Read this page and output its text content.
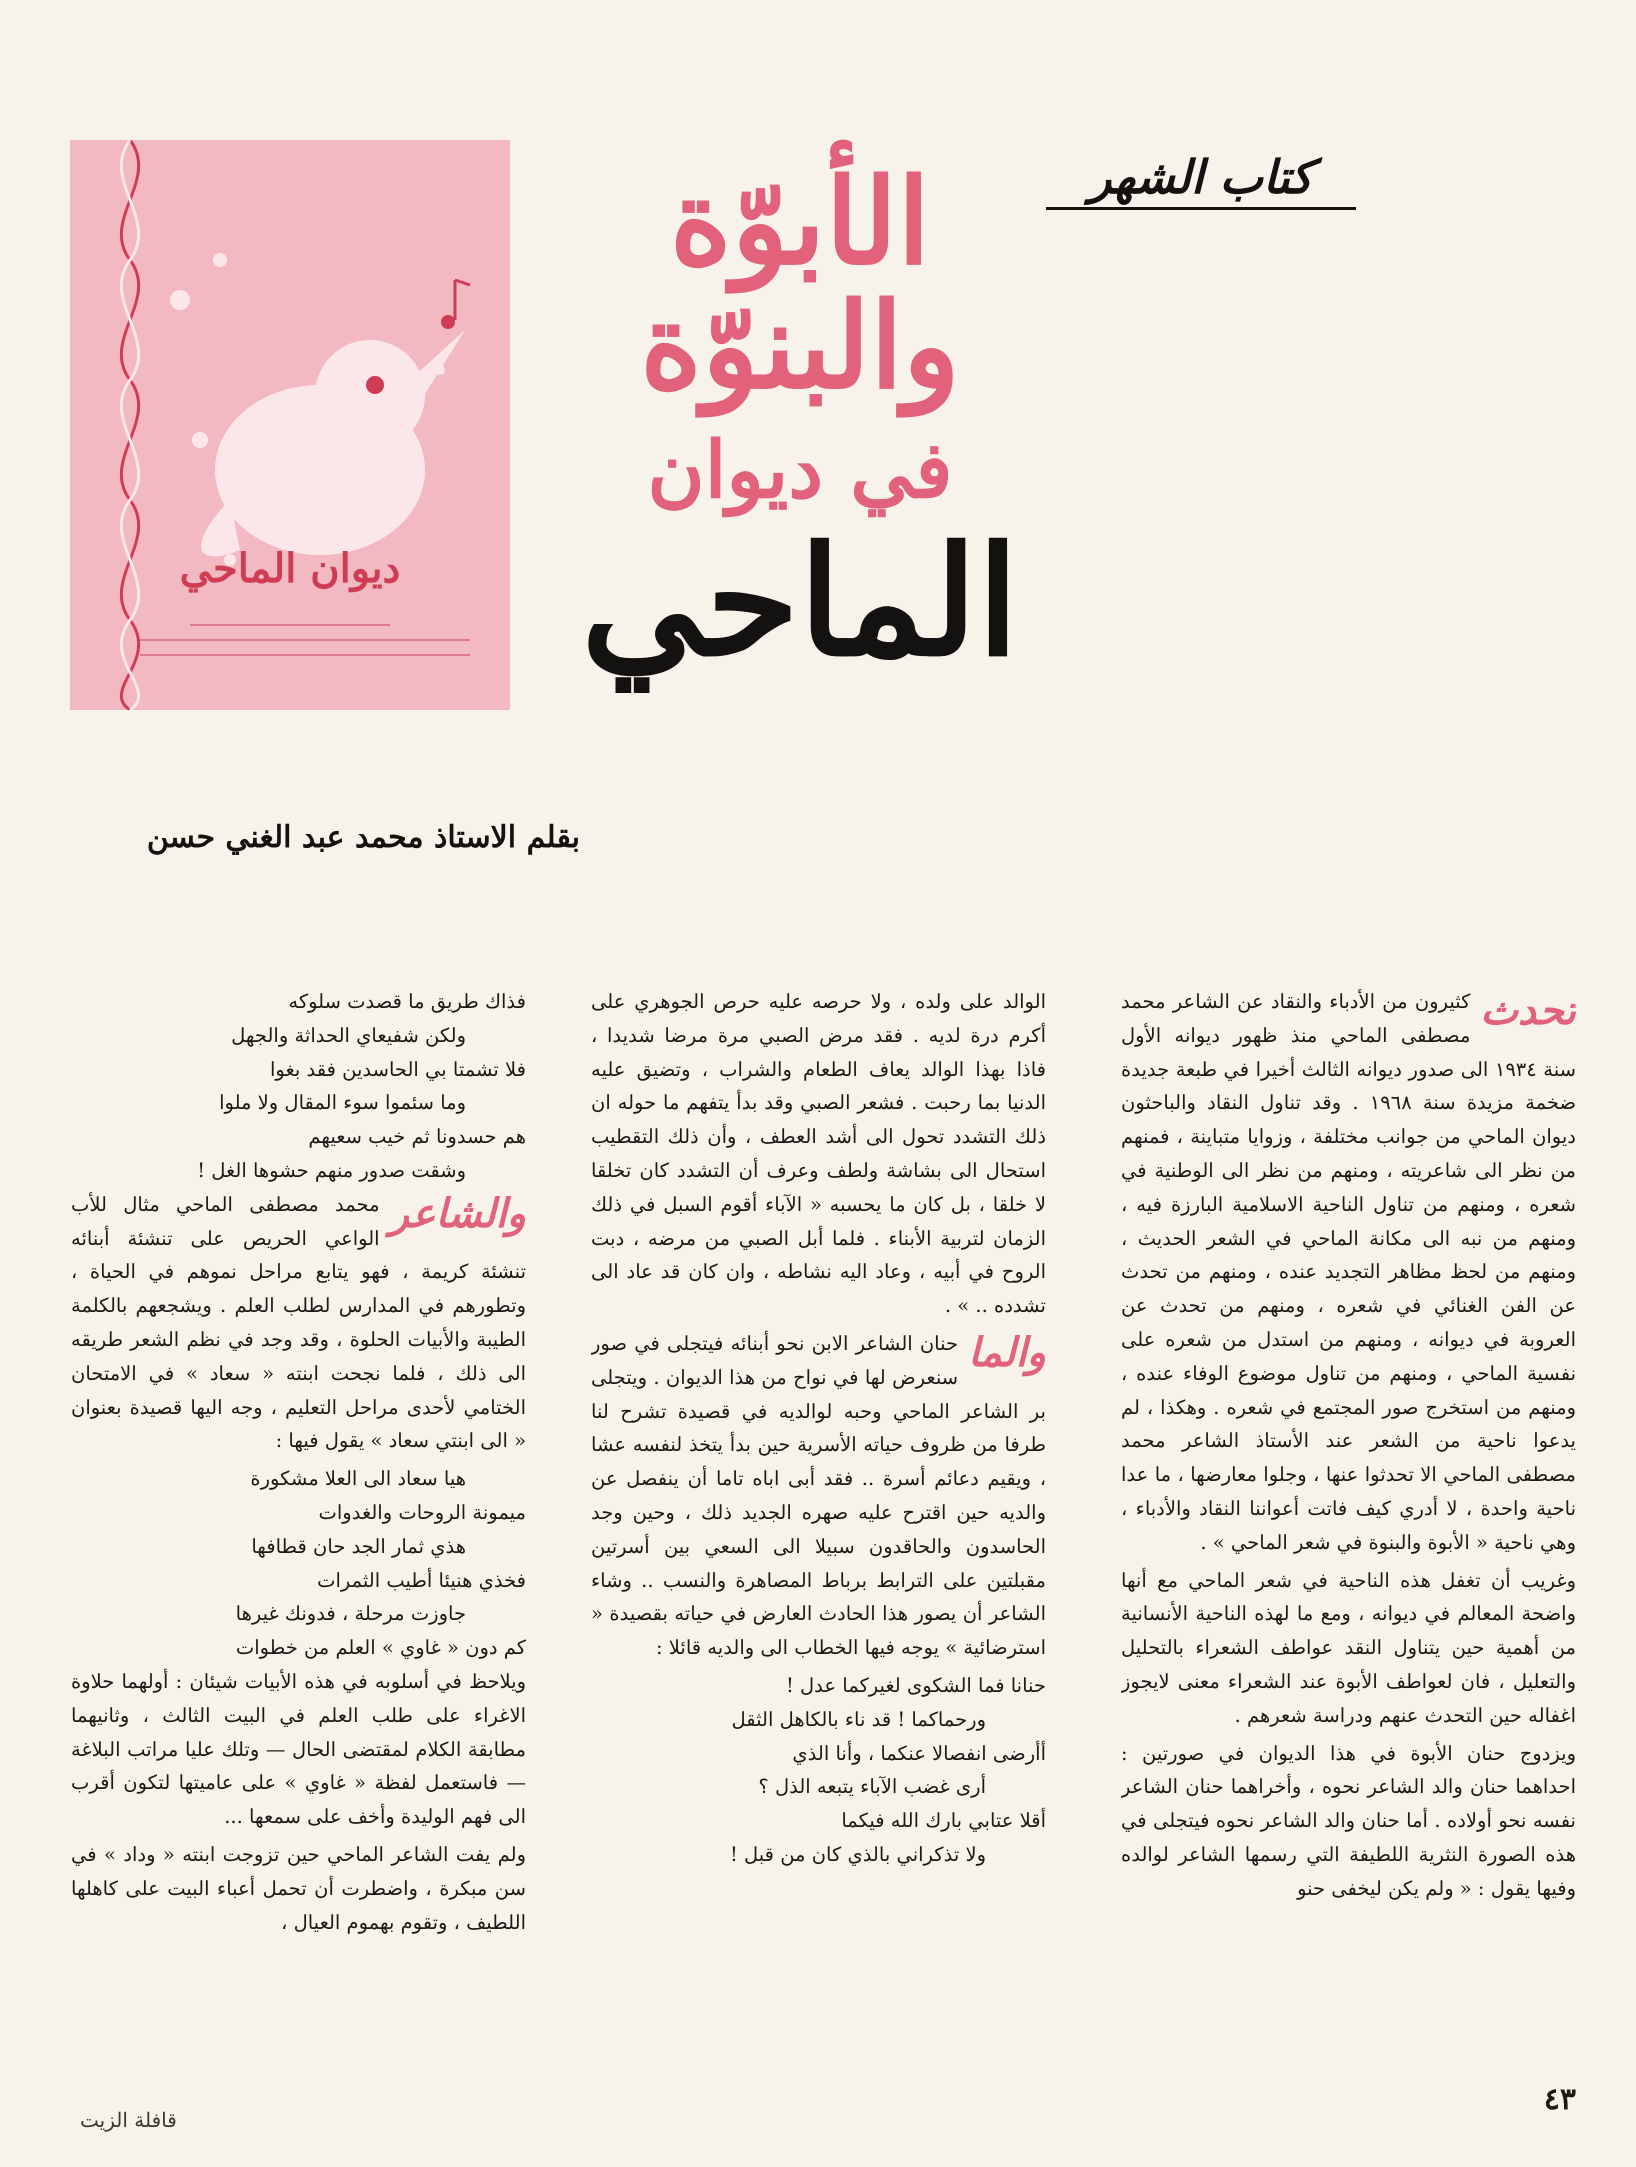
كتاب الشهر
الأبوّة والبنوّة
في ديوان
الماحي
ديوان الماحي
بقلم الاستاذ محمد عبد الغني حسن
تحدث

كثيرون من الأدباء والنقاد عن الشاعر محمد مصطفى الماحي منذ ظهور ديوانه الأول سنة ١٩٣٤ الى صدور ديوانه الثالث أخيرا في طبعة جديدة ضخمة مزيدة سنة ١٩٦٨ . وقد تناول النقاد والباحثون ديوان الماحي من جوانب مختلفة ، وزوايا متباينة ، فمنهم من نظر الى شاعريته ، ومنهم من نظر الى الوطنية في شعره ، ومنهم من تناول الناحية الاسلامية البارزة فيه ، ومنهم من نبه الى مكانة الماحي في الشعر الحديث ، ومنهم من لحظ مظاهر التجديد عنده ، ومنهم من تحدث عن الفن الغنائي في شعره ، ومنهم من تحدث عن العروبة في ديوانه ، ومنهم من استدل من شعره على نفسية الماحي ، ومنهم من تناول موضوع الوفاء عنده ، ومنهم من استخرج صور المجتمع في شعره . وهكذا ، لم يدعوا ناحية من الشعر عند الأستاذ الشاعر محمد مصطفى الماحي الا تحدثوا عنها ، وجلوا معارضها ، ما عدا ناحية واحدة ، لا أدري كيف فاتت أعواننا النقاد والأدباء ، وهي ناحية « الأبوة والبنوة في شعر الماحي » .

وغريب أن تغفل هذه الناحية في شعر الماحي مع أنها واضحة المعالم في ديوانه ، ومع ما لهذه الناحية الأنسانية من أهمية حين يتناول النقد عواطف الشعراء بالتحليل والتعليل ، فان لعواطف الأبوة عند الشعراء معنى لايجوز اغفاله حين التحدث عنهم ودراسة شعرهم .

ويزدوج حنان الأبوة في هذا الديوان في صورتين : احداهما حنان والد الشاعر نحوه ، وأخراهما حنان الشاعر نفسه نحو أولاده . أما حنان والد الشاعر نحوه فيتجلى في هذه الصورة النثرية اللطيفة التي رسمها الشاعر لوالده وفيها يقول : « ولم يكن ليخفى حنو

الوالد على ولده ، ولا حرصه عليه حرص الجوهري على أكرم درة لديه . فقد مرض الصبي مرة مرضا شديدا ، فاذا بهذا الوالد يعاف الطعام والشراب ، وتضيق عليه الدنيا بما رحبت . فشعر الصبي وقد بدأ يتفهم ما حوله ان ذلك التشدد تحول الى أشد العطف ، وأن ذلك التقطيب استحال الى بشاشة ولطف وعرف أن التشدد كان تخلقا لا خلقا ، بل كان ما يحسبه « الآباء أقوم السبل في ذلك الزمان لتربية الأبناء . فلما أبل الصبي من مرضه ، دبت الروح في أبيه ، وعاد اليه نشاطه ، وان كان قد عاد الى تشدده .. » .

والما

حنان الشاعر الابن نحو أبنائه فيتجلى في صور سنعرض لها في نواح من هذا الديوان . ويتجلى بر الشاعر الماحي وحبه لوالديه في قصيدة تشرح لنا طرفا من ظروف حياته الأسرية حين بدأ يتخذ لنفسه عشا ، ويقيم دعائم أسرة .. فقد أبى اباه تاما أن ينفصل عن والديه حين اقترح عليه صهره الجديد ذلك ، وحين وجد الحاسدون والحاقدون سبيلا الى السعي بين أسرتين مقبلتين على الترابط برباط المصاهرة والنسب .. وشاء الشاعر أن يصور هذا الحادث العارض في حياته بقصيدة « استرضائية » يوجه فيها الخطاب الى والديه قائلا :

حنانا فما الشكوى لغيركما عدل !
ورحماكما ! قد ناء بالكاهل الثقل
أأرضى انفصالا عنكما ، وأنا الذي
أرى غضب الآباء يتبعه الذل ؟
أقلا عتابي بارك الله فيكما
ولا تذكراني بالذي كان من قبل !
فذاك طريق ما قصدت سلوكه
ولكن شفيعاي الحداثة والجهل
فلا تشمتا بي الحاسدين فقد بغوا
وما سئموا سوء المقال ولا ملوا
هم حسدونا ثم خيب سعيهم
وشقت صدور منهم حشوها الغل !
والشاعر

محمد مصطفى الماحي مثال للأب الواعي الحريص على تنشئة أبنائه تنشئة كريمة ، فهو يتابع مراحل نموهم في الحياة ، وتطورهم في المدارس لطلب العلم . ويشجعهم بالكلمة الطيبة والأبيات الحلوة ، وقد وجد في نظم الشعر طريقه الى ذلك ، فلما نجحت ابنته « سعاد » في الامتحان الختامي لأحدى مراحل التعليم ، وجه اليها قصيدة بعنوان « الى ابنتي سعاد » يقول فيها :

هيا سعاد الى العلا مشكورة
ميمونة الروحات والغدوات
هذي ثمار الجد حان قطافها
فخذي هنيئا أطيب الثمرات
جاوزت مرحلة ، فدونك غيرها
كم دون « غاوي » العلم من خطوات

ويلاحظ في أسلوبه في هذه الأبيات شيئان : أولهما حلاوة الاغراء على طلب العلم في البيت الثالث ، وثانيهما مطابقة الكلام لمقتضى الحال — وتلك عليا مراتب البلاغة — فاستعمل لفظة « غاوي » على عاميتها لتكون أقرب الى فهم الوليدة وأخف على سمعها ...

ولم يفت الشاعر الماحي حين تزوجت ابنته « وداد » في سن مبكرة ، واضطرت أن تحمل أعباء البيت على كاهلها اللطيف ، وتقوم بهموم العيال ،

٤٣
قافلة الزيت
